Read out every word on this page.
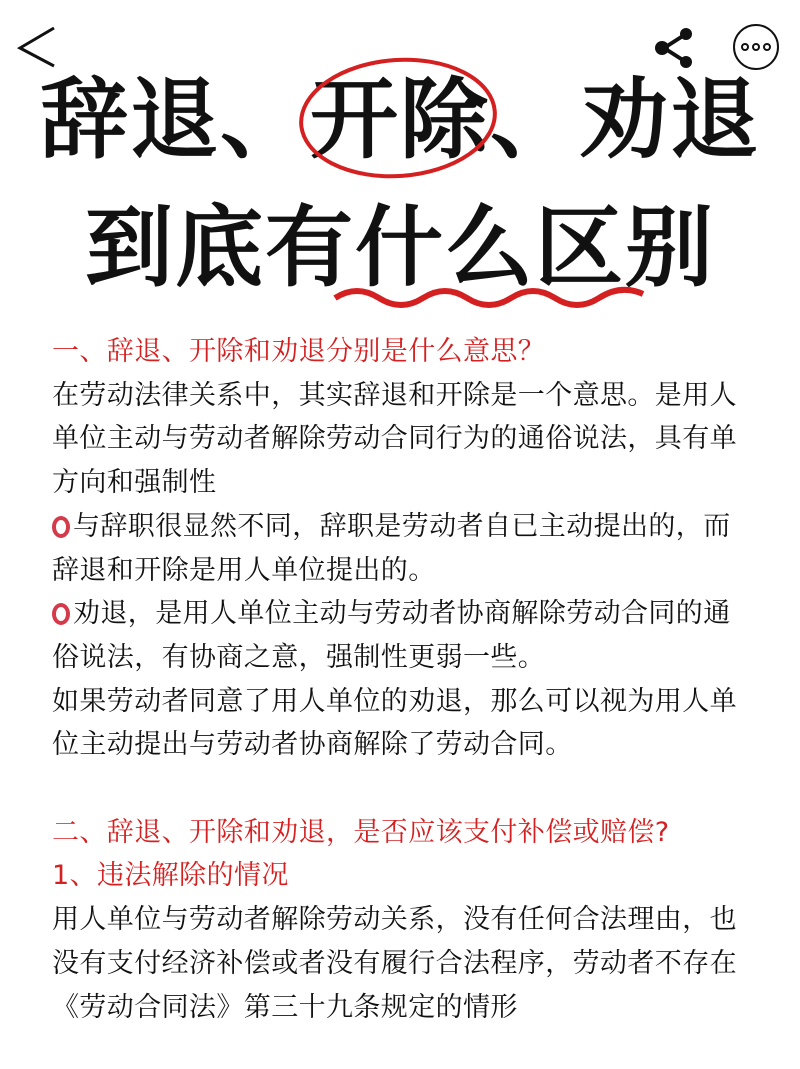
辞退、开除、劝退
到底有什么区别
一、辞退、开除和劝退分别是什么意思？
在劳动法律关系中，其实辞退和开除是一个意思。是用人
单位主动与劳动者解除劳动合同行为的通俗说法，具有单
方向和强制性
与辞职很显然不同，辞职是劳动者自已主动提出的，而
辞退和开除是用人单位提出的。
劝退，是用人单位主动与劳动者协商解除劳动合同的通
俗说法，有协商之意，强制性更弱一些。
如果劳动者同意了用人单位的劝退，那么可以视为用人单
位主动提出与劳动者协商解除了劳动合同。
二、辞退、开除和劝退，是否应该支付补偿或赔偿?
1、违法解除的情况
用人单位与劳动者解除劳动关系，没有任何合法理由，也
没有支付经济补偿或者没有履行合法程序，劳动者不存在
《劳动合同法》第三十九条规定的情形
